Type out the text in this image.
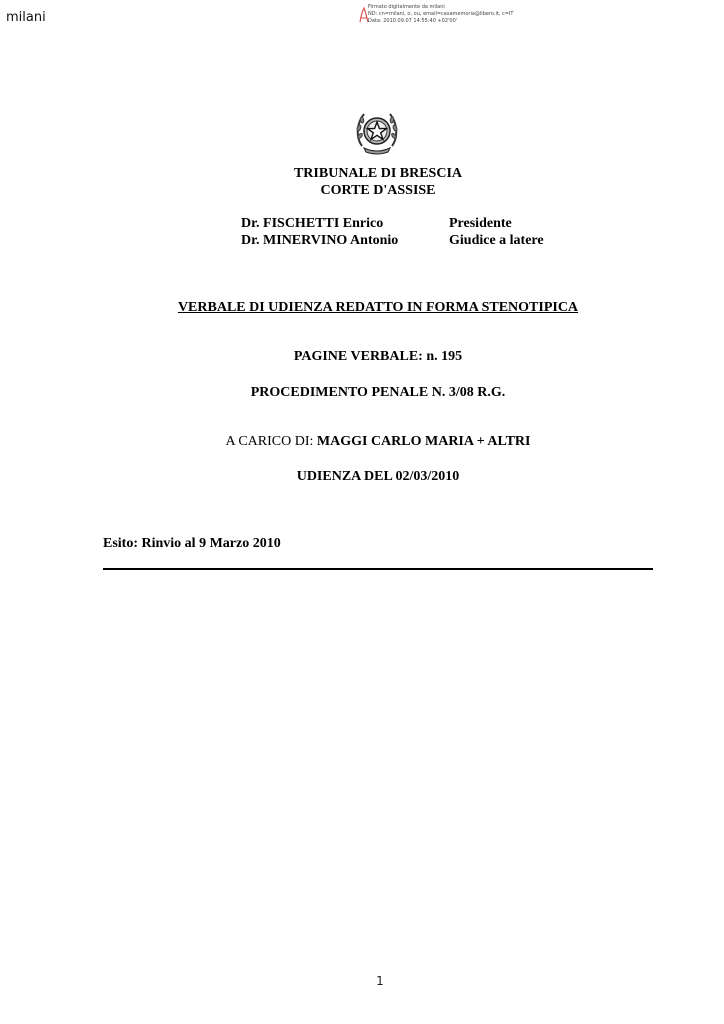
milani
Firmato digitalmente da milani
ND: cn=milani, o, ou, email=casamemoria@libero.it, c=IT
Data: 2010.09.07 14:55:40 +02'00'
TRIBUNALE DI BRESCIA
CORTE D'ASSISE
Dr. FISCHETTI Enrico	Presidente
Dr. MINERVINO Antonio	Giudice a latere
VERBALE DI UDIENZA REDATTO IN FORMA STENOTIPICA
PAGINE VERBALE: n. 195
PROCEDIMENTO PENALE N. 3/08 R.G.
A CARICO DI: MAGGI CARLO MARIA + ALTRI
UDIENZA DEL 02/03/2010
Esito: Rinvio al 9 Marzo 2010
1
